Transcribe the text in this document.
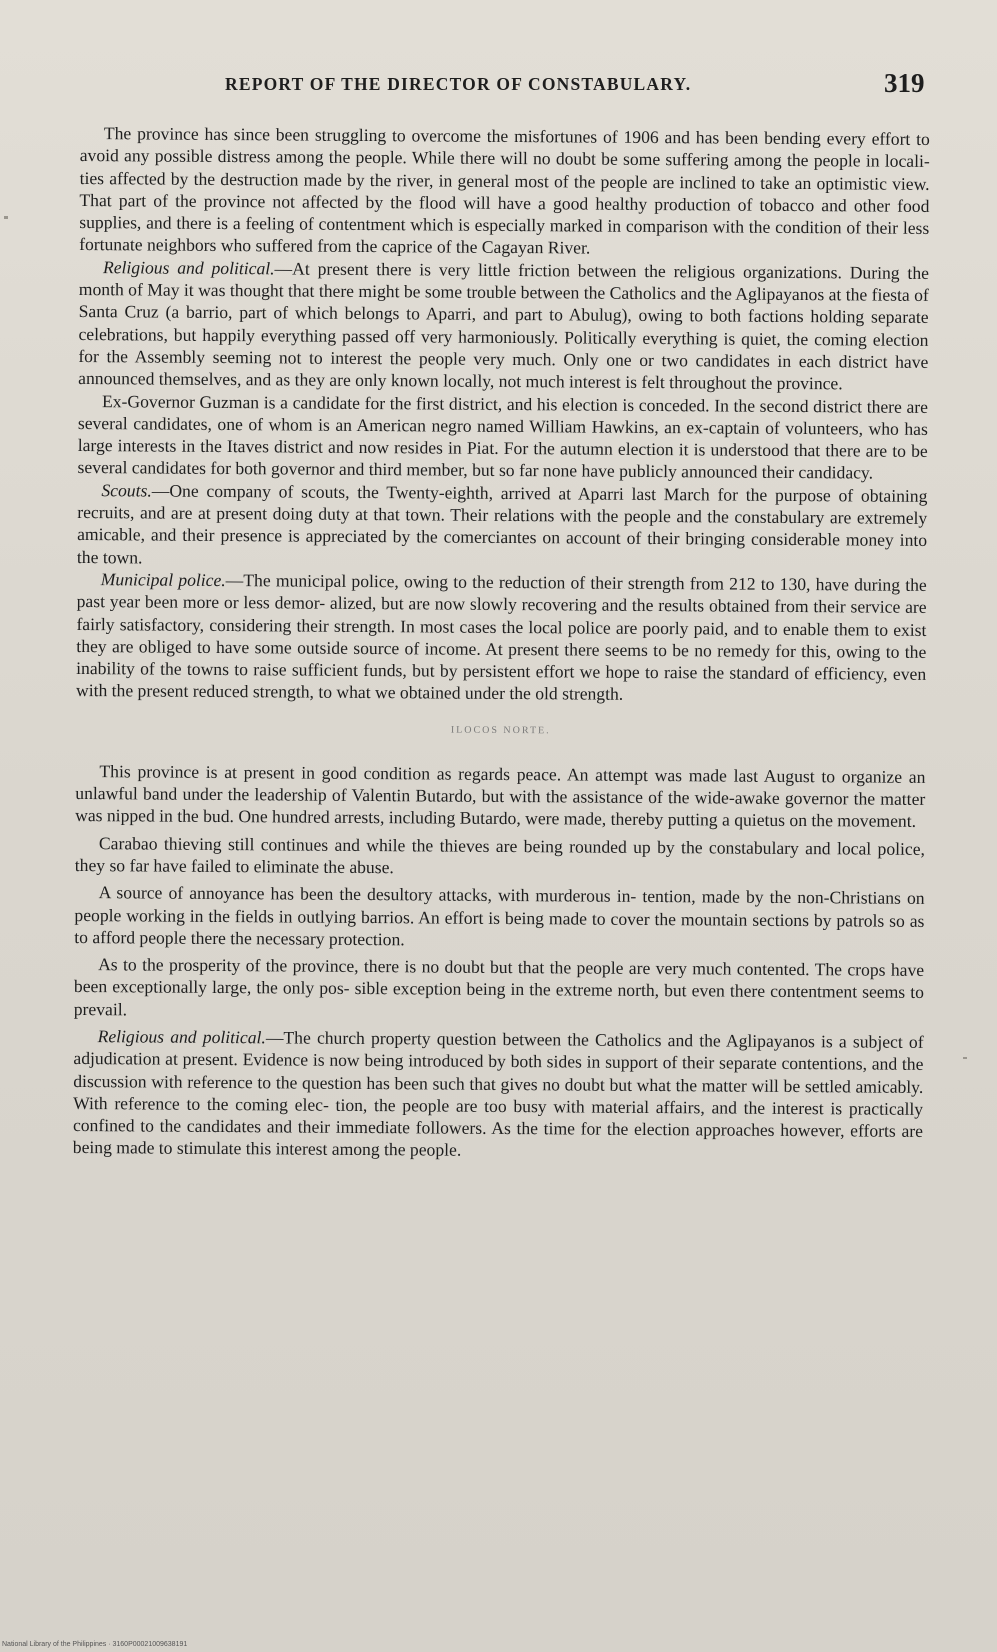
REPORT OF THE DIRECTOR OF CONSTABULARY.	319

The province has since been struggling to overcome the misfortunes of 1906 and has been bending every effort to avoid any possible distress among the people. While there will no doubt be some suffering among the people in locali- ties affected by the destruction made by the river, in general most of the people are inclined to take an optimistic view. That part of the province not affected by the flood will have a good healthy production of tobacco and other food supplies, and there is a feeling of contentment which is especially marked in comparison with the condition of their less fortunate neighbors who suffered from the caprice of the Cagayan River.

Religious and political.—At present there is very little friction between the religious organizations. During the month of May it was thought that there might be some trouble between the Catholics and the Aglipayanos at the fiesta of Santa Cruz (a barrio, part of which belongs to Aparri, and part to Abulug), owing to both factions holding separate celebrations, but happily everything passed off very harmoniously. Politically everything is quiet, the coming election for the Assembly seeming not to interest the people very much. Only one or two candidates in each district have announced themselves, and as they are only known locally, not much interest is felt throughout the province.

Ex-Governor Guzman is a candidate for the first district, and his election is conceded. In the second district there are several candidates, one of whom is an American negro named William Hawkins, an ex-captain of volunteers, who has large interests in the Itaves district and now resides in Piat. For the autumn election it is understood that there are to be several candidates for both governor and third member, but so far none have publicly announced their candidacy.

Scouts.—One company of scouts, the Twenty-eighth, arrived at Aparri last March for the purpose of obtaining recruits, and are at present doing duty at that town. Their relations with the people and the constabulary are extremely amicable, and their presence is appreciated by the comerciantes on account of their bringing considerable money into the town.

Municipal police.—The municipal police, owing to the reduction of their strength from 212 to 130, have during the past year been more or less demor- alized, but are now slowly recovering and the results obtained from their service are fairly satisfactory, considering their strength. In most cases the local police are poorly paid, and to enable them to exist they are obliged to have some outside source of income. At present there seems to be no remedy for this, owing to the inability of the towns to raise sufficient funds, but by persistent effort we hope to raise the standard of efficiency, even with the present reduced strength, to what we obtained under the old strength.

ILOCOS NORTE.

This province is at present in good condition as regards peace. An attempt was made last August to organize an unlawful band under the leadership of Valentin Butardo, but with the assistance of the wide-awake governor the matter was nipped in the bud. One hundred arrests, including Butardo, were made, thereby putting a quietus on the movement.

Carabao thieving still continues and while the thieves are being rounded up by the constabulary and local police, they so far have failed to eliminate the abuse.

A source of annoyance has been the desultory attacks, with murderous in- tention, made by the non-Christians on people working in the fields in outlying barrios. An effort is being made to cover the mountain sections by patrols so as to afford people there the necessary protection.

As to the prosperity of the province, there is no doubt but that the people are very much contented. The crops have been exceptionally large, the only pos- sible exception being in the extreme north, but even there contentment seems to prevail.

Religious and political.—The church property question between the Catholics and the Aglipayanos is a subject of adjudication at present. Evidence is now being introduced by both sides in support of their separate contentions, and the discussion with reference to the question has been such that gives no doubt but what the matter will be settled amicably. With reference to the coming elec- tion, the people are too busy with material affairs, and the interest is practically confined to the candidates and their immediate followers. As the time for the election approaches however, efforts are being made to stimulate this interest among the people.

National Library of the Philippines · 3160P00021009638191
